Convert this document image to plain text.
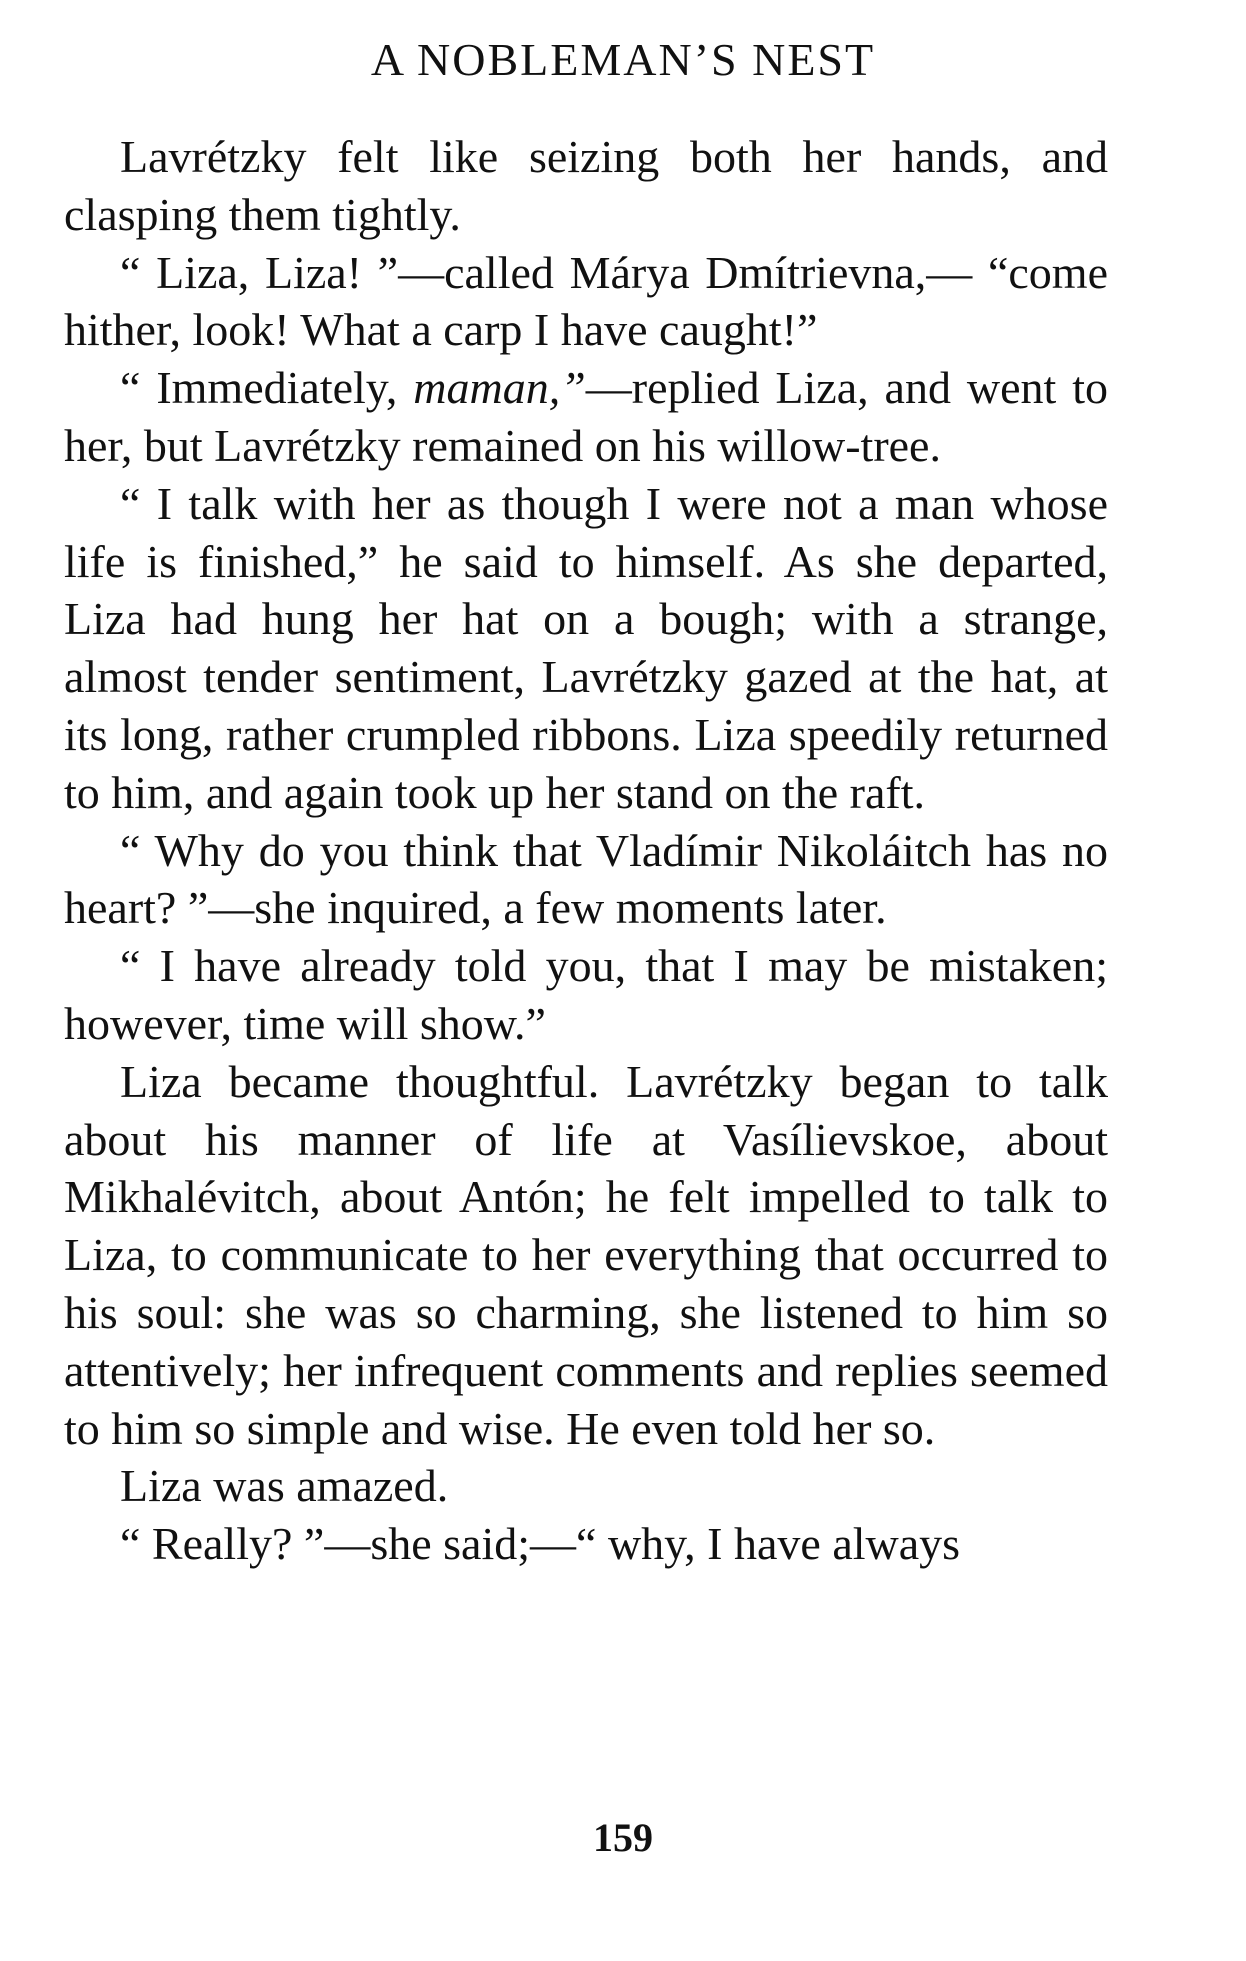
A NOBLEMAN’S NEST

Lavrétzky felt like seizing both her hands, and clasping them tightly.

“ Liza, Liza! ”—called Márya Dmítrievna,— “come hither, look! What a carp I have caught!”

“ Immediately, maman,”—replied Liza, and went to her, but Lavrétzky remained on his willow-tree.

“ I talk with her as though I were not a man whose life is finished,” he said to himself. As she departed, Liza had hung her hat on a bough; with a strange, almost tender sentiment, Lavrétzky gazed at the hat, at its long, rather crumpled ribbons. Liza speedily returned to him, and again took up her stand on the raft.

“ Why do you think that Vladímir Nikoláitch has no heart? ”—she inquired, a few moments later.

“ I have already told you, that I may be mistaken; however, time will show.”

Liza became thoughtful. Lavrétzky began to talk about his manner of life at Vasílievskoe, about Mikhalévitch, about Antón; he felt impelled to talk to Liza, to communicate to her everything that occurred to his soul: she was so charming, she listened to him so attentively; her infrequent comments and replies seemed to him so simple and wise. He even told her so.

Liza was amazed.

“ Really? ”—she said;—“ why, I have always

159
